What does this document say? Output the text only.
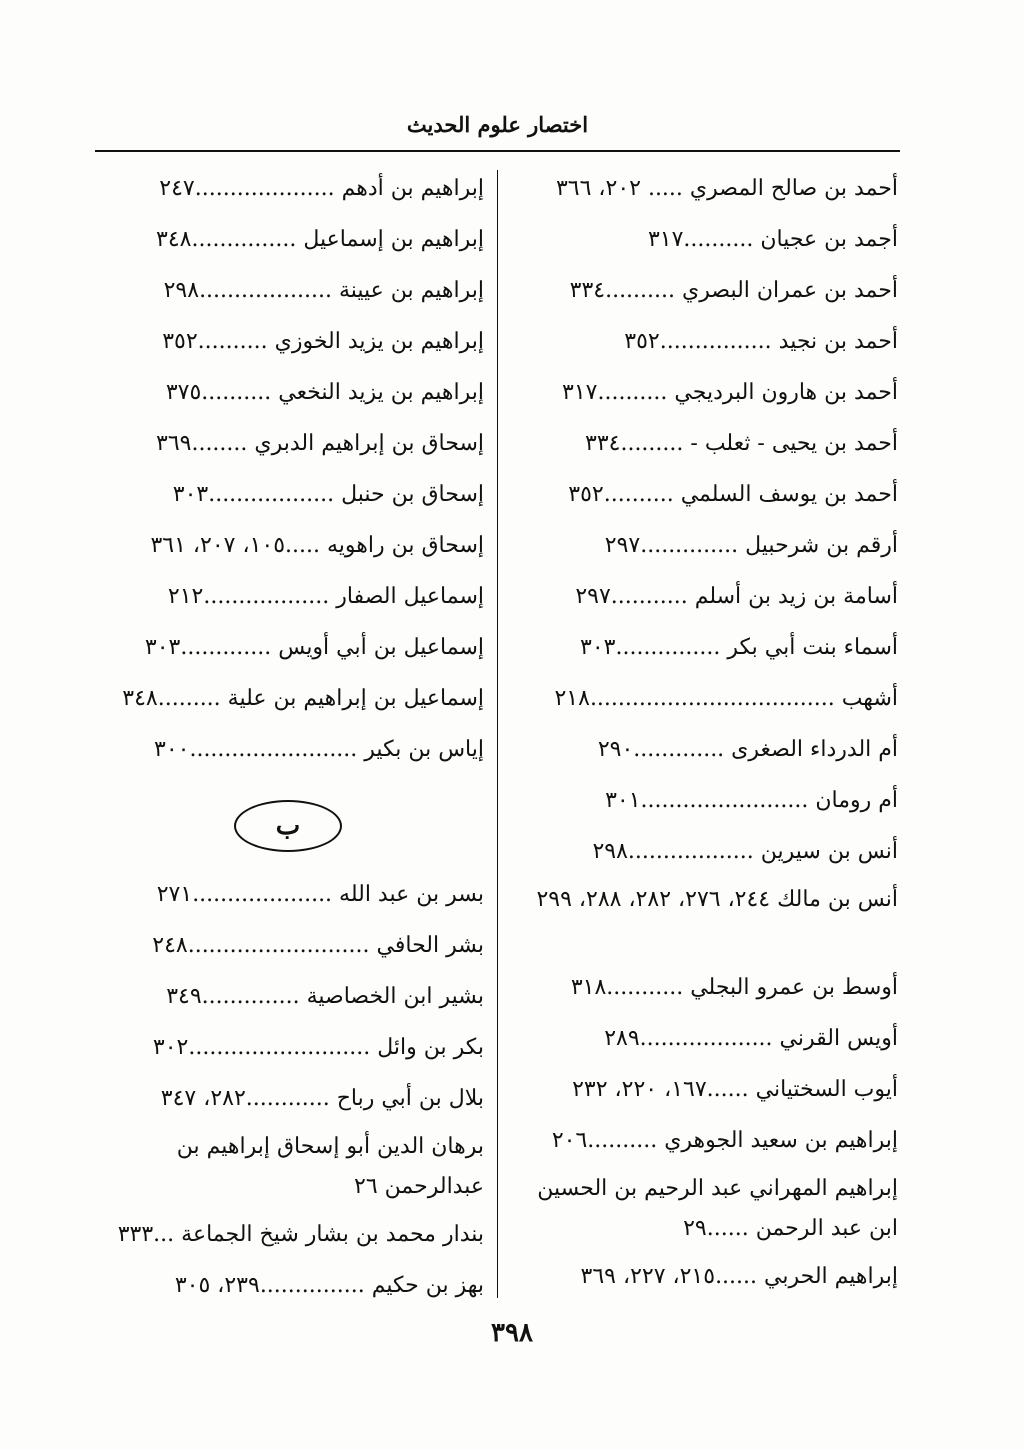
اختصار علوم الحديث
أحمد بن صالح المصري ..... ٢٠٢، ٣٦٦
أجمد بن عجيان ..........٣١٧
أحمد بن عمران البصري ..........٣٣٤
أحمد بن نجيد ................٣٥٢
أحمد بن هارون البرديجي ..........٣١٧
أحمد بن يحيى - ثعلب - .........٣٣٤
أحمد بن يوسف السلمي ..........٣٥٢
أرقم بن شرحبيل ..............٢٩٧
أسامة بن زيد بن أسلم ...........٢٩٧
أسماء بنت أبي بكر ...............٣٠٣
أشهب ...................................٢١٨
أم الدرداء الصغرى .............٢٩٠
أم رومان ........................٣٠١
أنس بن سيرين ..................٢٩٨
أنس بن مالك ٢٤٤، ٢٧٦، ٢٨٢، ٢٨٨، ٢٩٩
أوسط بن عمرو البجلي ...........٣١٨
أويس القرني ...................٢٨٩
أيوب السختياني ......١٦٧، ٢٢٠، ٢٣٢
إبراهيم بن سعيد الجوهري ..........٢٠٦
إبراهيم المهراني عبد الرحيم بن الحسين ابن عبد الرحمن ......٢٩
إبراهيم الحربي ......٢١٥، ٢٢٧، ٣٦٩
إبراهيم بن أدهم ....................٢٤٧
إبراهيم بن إسماعيل ...............٣٤٨
إبراهيم بن عيينة ...................٢٩٨
إبراهيم بن يزيد الخوزي ..........٣٥٢
إبراهيم بن يزيد النخعي ..........٣٧٥
إسحاق بن إبراهيم الدبري ........٣٦٩
إسحاق بن حنبل ..................٣٠٣
إسحاق بن راهويه .....١٠٥، ٢٠٧، ٣٦١
إسماعيل الصفار ..................٢١٢
إسماعيل بن أبي أويس .............٣٠٣
إسماعيل بن إبراهيم بن علية .........٣٤٨
إياس بن بكير ........................٣٠٠
ب
بسر بن عبد الله ....................٢٧١
بشر الحافي ..........................٢٤٨
بشير ابن الخصاصية ..............٣٤٩
بكر بن وائل ..........................٣٠٢
بلال بن أبي رباح ............٢٨٢، ٣٤٧
برهان الدين أبو إسحاق إبراهيم بن عبدالرحمن ٢٦
بندار محمد بن بشار شيخ الجماعة ...٣٣٣
بهز بن حكيم ...............٢٣٩، ٣٠٥
٣٩٨
